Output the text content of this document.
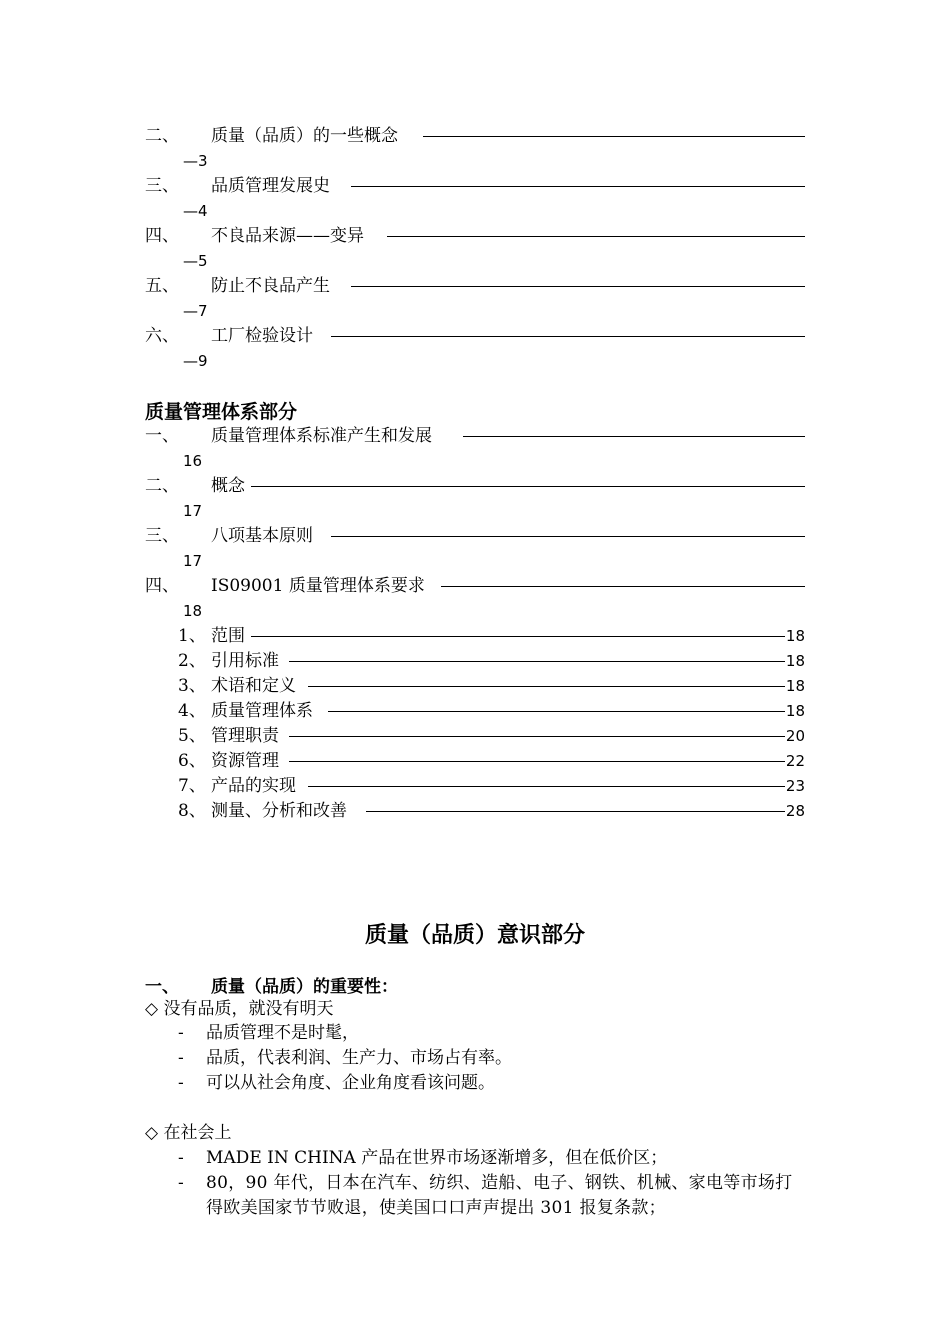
二、 质量（品质）的一些概念
—3
三、 品质管理发展史
—4
四、 不良品来源——变异
—5
五、 防止不良品产生
—7
六、 工厂检验设计
—9
质量管理体系部分
一、 质量管理体系标准产生和发展
16
二、 概念
17
三、 八项基本原则
17
四、 IS09001 质量管理体系要求
18
1、 范围	18
2、 引用标准	18
3、 术语和定义	18
4、 质量管理体系	18
5、 管理职责	20
6、 资源管理	22
7、 产品的实现	23
8、 测量、分析和改善	28
质量（品质）意识部分
一、 质量（品质）的重要性：
◇ 没有品质，就没有明天
- 品质管理不是时髦，
- 品质，代表利润、生产力、市场占有率。
- 可以从社会角度、企业角度看该问题。
◇ 在社会上
- MADE IN CHINA 产品在世界市场逐渐增多，但在低价区；
- 80，90 年代，日本在汽车、纺织、造船、电子、钢铁、机械、家电等市场打得欧美国家节节败退，使美国口口声声提出 301 报复条款；
